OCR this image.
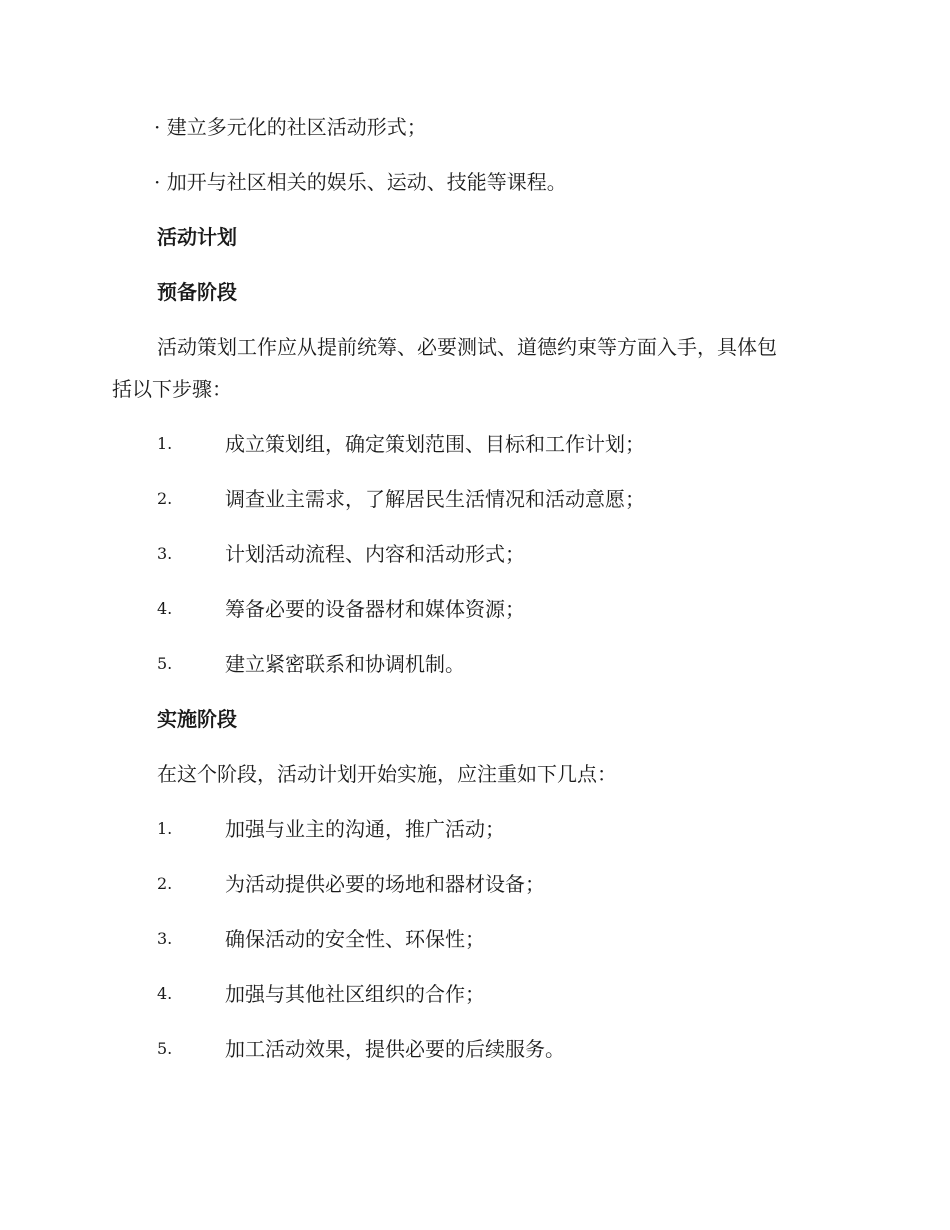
· 建立多元化的社区活动形式；
· 加开与社区相关的娱乐、运动、技能等课程。
活动计划
预备阶段
活动策划工作应从提前统筹、必要测试、道德约束等方面入手，具体包
括以下步骤：
1.	成立策划组，确定策划范围、目标和工作计划；
2.	调查业主需求，了解居民生活情况和活动意愿；
3.	计划活动流程、内容和活动形式；
4.	筹备必要的设备器材和媒体资源；
5.	建立紧密联系和协调机制。
实施阶段
在这个阶段，活动计划开始实施，应注重如下几点：
1.	加强与业主的沟通，推广活动；
2.	为活动提供必要的场地和器材设备；
3.	确保活动的安全性、环保性；
4.	加强与其他社区组织的合作；
5.	加工活动效果，提供必要的后续服务。
